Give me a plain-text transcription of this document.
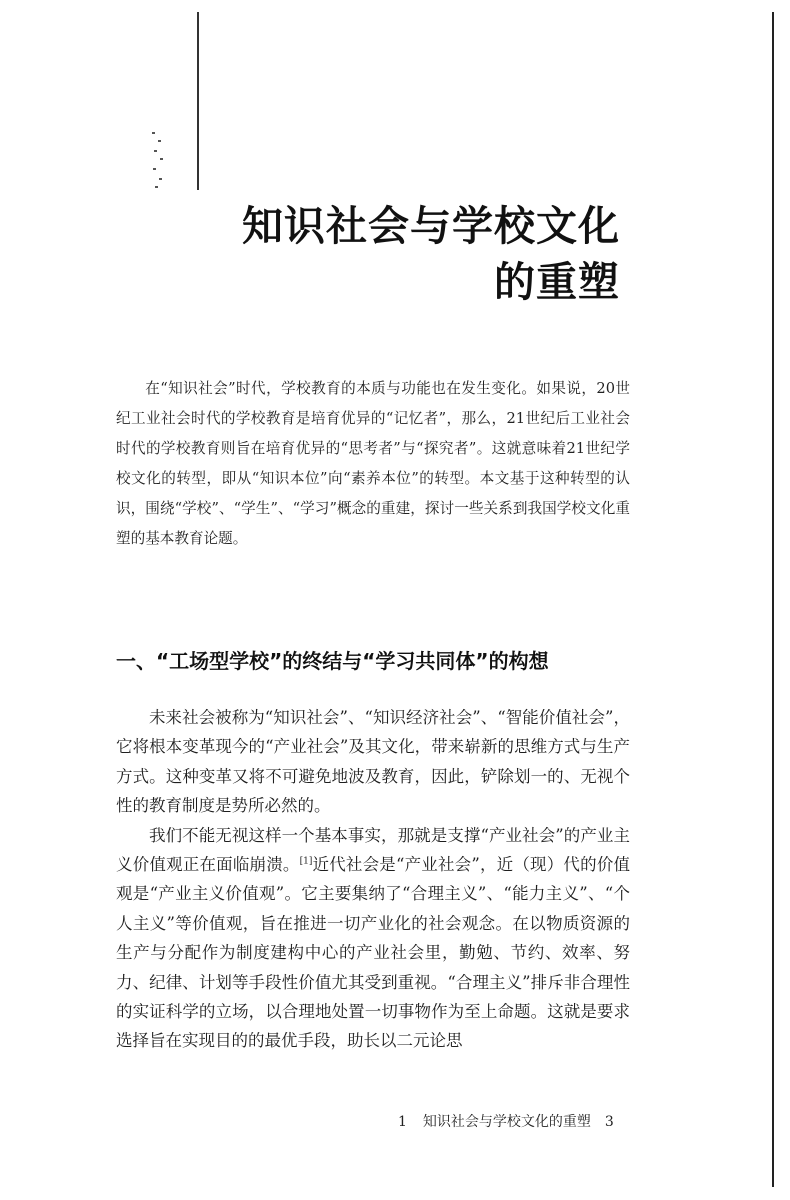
知识社会与学校文化
的重塑

在“知识社会”时代，学校教育的本质与功能也在发生变化。如果说，20世纪工业社会时代的学校教育是培育优异的“记忆者”，那么，21世纪后工业社会时代的学校教育则旨在培育优异的“思考者”与“探究者”。这就意味着21世纪学校文化的转型，即从“知识本位”向“素养本位”的转型。本文基于这种转型的认识，围绕“学校”、“学生”、“学习”概念的重建，探讨一些关系到我国学校文化重塑的基本教育论题。

一、“工场型学校”的终结与“学习共同体”的构想

未来社会被称为“知识社会”、“知识经济社会”、“智能价值社会”，它将根本变革现今的“产业社会”及其文化，带来崭新的思维方式与生产方式。这种变革又将不可避免地波及教育，因此，铲除划一的、无视个性的教育制度是势所必然的。

我们不能无视这样一个基本事实，那就是支撑“产业社会”的产业主义价值观正在面临崩溃。[1]近代社会是“产业社会”，近（现）代的价值观是“产业主义价值观”。它主要集纳了“合理主义”、“能力主义”、“个人主义”等价值观，旨在推进一切产业化的社会观念。在以物质资源的生产与分配作为制度建构中心的产业社会里，勤勉、节约、效率、努力、纪律、计划等手段性价值尤其受到重视。“合理主义”排斥非合理性的实证科学的立场，以合理地处置一切事物作为至上命题。这就是要求选择旨在实现目的的最优手段，助长以二元论思

1 知识社会与学校文化的重塑 3
